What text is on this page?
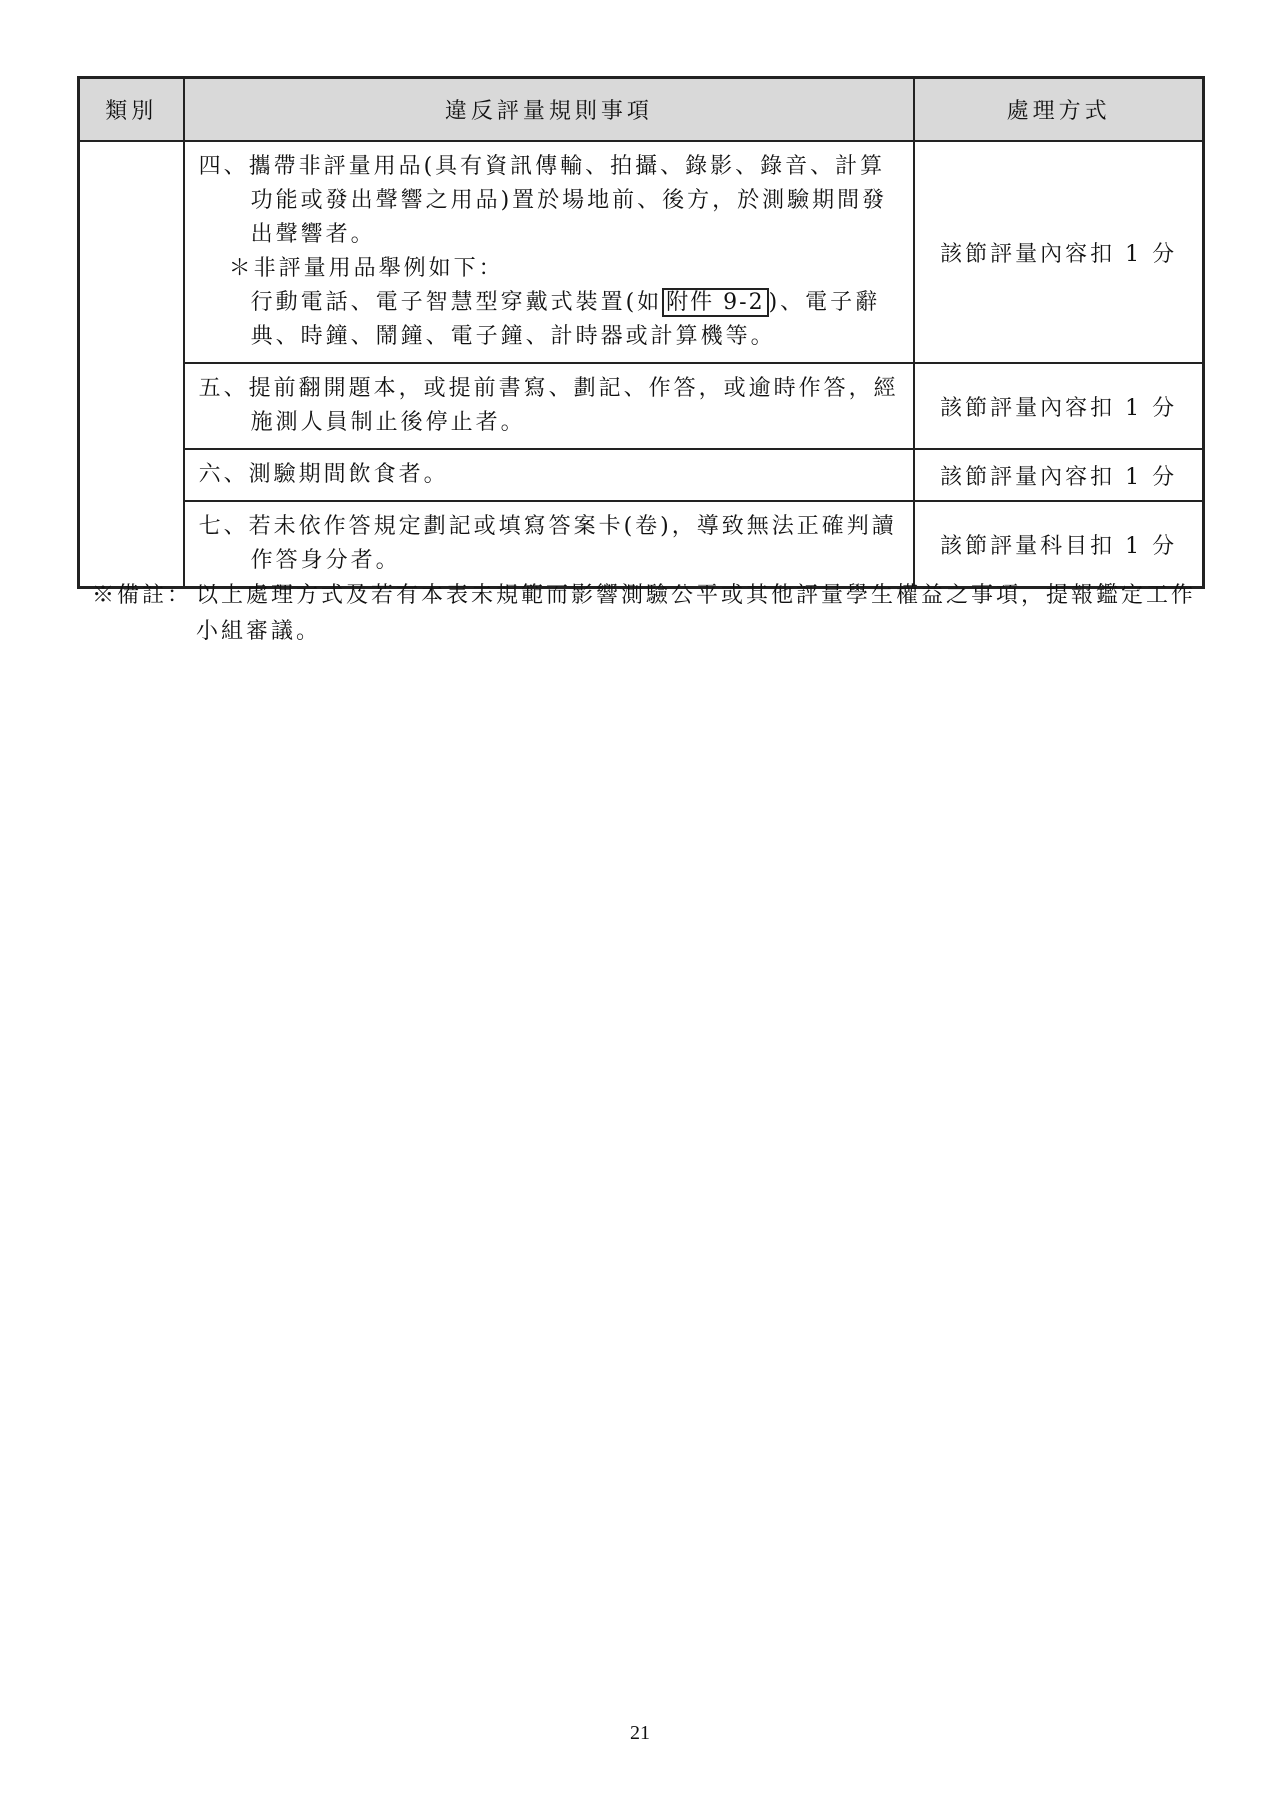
類別	違反評量規則事項	處理方式

	四、攜帶非評量用品(具有資訊傳輸、拍攝、錄影、錄音、計算功能或發出聲響之用品)置於場地前、後方，於測驗期間發出聲響者。
＊非評量用品舉例如下：
行動電話、電子智慧型穿戴式裝置(如 附件 9-2 )、電子辭典、時鐘、鬧鐘、電子鐘、計時器或計算機等。	該節評量內容扣 1 分

	五、提前翻開題本，或提前書寫、劃記、作答，或逾時作答，經施測人員制止後停止者。	該節評量內容扣 1 分

	六、測驗期間飲食者。	該節評量內容扣 1 分

	七、若未依作答規定劃記或填寫答案卡(卷)，導致無法正確判讀作答身分者。	該節評量科目扣 1 分
※備註： 以上處理方式及若有本表未規範而影響測驗公平或其他評量學生權益之事項，提報鑑定工作小組審議。
21
